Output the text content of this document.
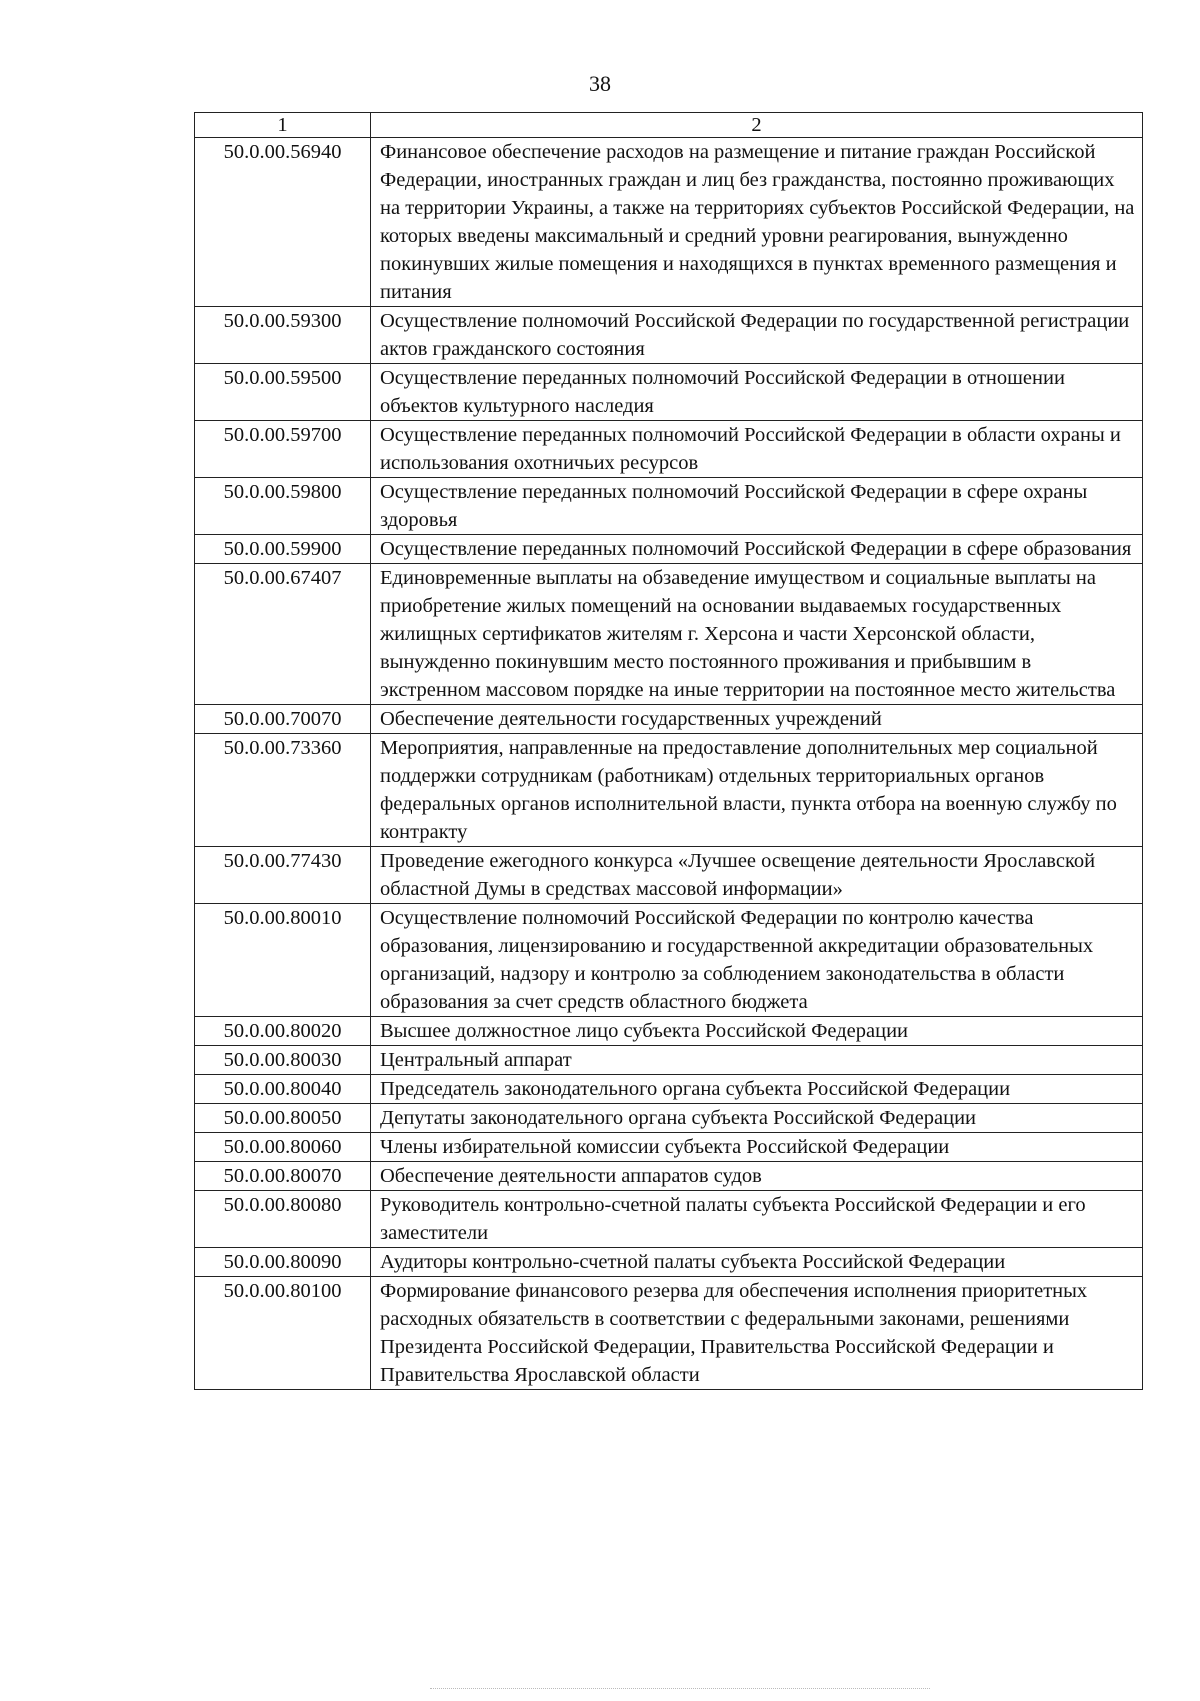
38
1	2
50.0.00.56940	Финансовое обеспечение расходов на размещение и питание граждан Российской Федерации, иностранных граждан и лиц без гражданства, постоянно проживающих на территории Украины, а также на территориях субъектов Российской Федерации, на которых введены максимальный и средний уровни реагирования, вынужденно покинувших жилые помещения и находящихся в пунктах временного размещения и питания
50.0.00.59300	Осуществление полномочий Российской Федерации по государственной регистрации актов гражданского состояния
50.0.00.59500	Осуществление переданных полномочий Российской Федерации в отношении объектов культурного наследия
50.0.00.59700	Осуществление переданных полномочий Российской Федерации в области охраны и использования охотничьих ресурсов
50.0.00.59800	Осуществление переданных полномочий Российской Федерации в сфере охраны здоровья
50.0.00.59900	Осуществление переданных полномочий Российской Федерации в сфере образования
50.0.00.67407	Единовременные выплаты на обзаведение имуществом и социальные выплаты на приобретение жилых помещений на основании выдаваемых государственных жилищных сертификатов жителям г. Херсона и части Херсонской области, вынужденно покинувшим место постоянного проживания и прибывшим в экстренном массовом порядке на иные территории на постоянное место жительства
50.0.00.70070	Обеспечение деятельности государственных учреждений
50.0.00.73360	Мероприятия, направленные на предоставление дополнительных мер социальной поддержки сотрудникам (работникам) отдельных территориальных органов федеральных органов исполнительной власти, пункта отбора на военную службу по контракту
50.0.00.77430	Проведение ежегодного конкурса «Лучшее освещение деятельности Ярославской областной Думы в средствах массовой информации»
50.0.00.80010	Осуществление полномочий Российской Федерации по контролю качества образования, лицензированию и государственной аккредитации образовательных организаций, надзору и контролю за соблюдением законодательства в области образования за счет средств областного бюджета
50.0.00.80020	Высшее должностное лицо субъекта Российской Федерации
50.0.00.80030	Центральный аппарат
50.0.00.80040	Председатель законодательного органа субъекта Российской Федерации
50.0.00.80050	Депутаты законодательного органа субъекта Российской Федерации
50.0.00.80060	Члены избирательной комиссии субъекта Российской Федерации
50.0.00.80070	Обеспечение деятельности аппаратов судов
50.0.00.80080	Руководитель контрольно-счетной палаты субъекта Российской Федерации и его заместители
50.0.00.80090	Аудиторы контрольно-счетной палаты субъекта Российской Федерации
50.0.00.80100	Формирование финансового резерва для обеспечения исполнения приоритетных расходных обязательств в соответствии с федеральными законами, решениями Президента Российской Федерации, Правительства Российской Федерации и Правительства Ярославской области
